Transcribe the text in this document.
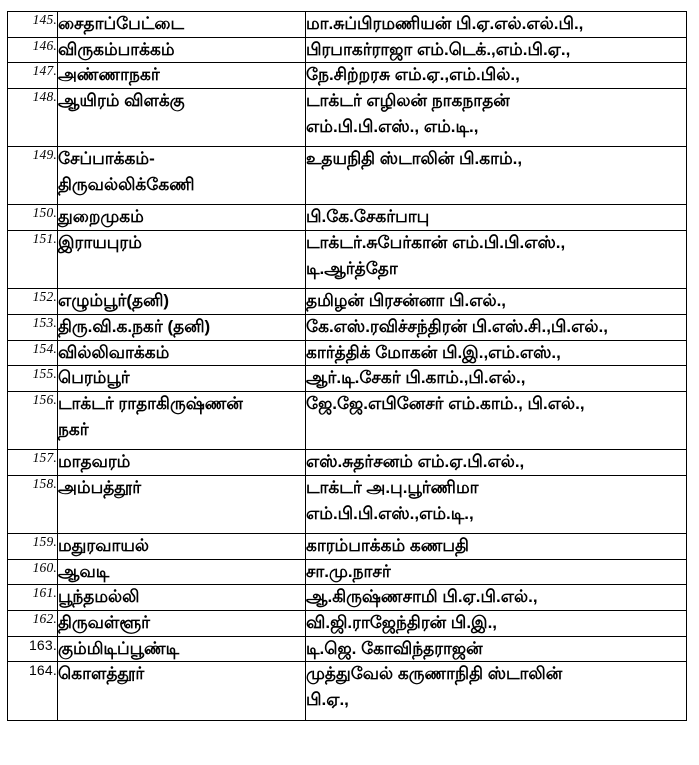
145.	சைதாப்பேட்டை	மா.சுப்பிரமணியன் பி.ஏ.எல்.எல்.பி.,

146.	விருகம்பாக்கம்	பிரபாகர்ராஜா எம்.டெக்.,எம்.பி.ஏ.,

147.	அண்ணாநகர்	நே.சிற்றரசு எம்.ஏ.,எம்.பில்.,

148.	ஆயிரம் விளக்கு	டாக்டர் எழிலன் நாகநாதன்
எம்.பி.பி.எஸ்., எம்.டி.,

149.	சேப்பாக்கம்-
திருவல்லிக்கேணி	உதயநிதி ஸ்டாலின் பி.காம்.,

150.	துறைமுகம்	பி.கே.சேகர்பாபு

151.	இராயபுரம்	டாக்டர்.சுபேர்கான் எம்.பி.பி.எஸ்.,
டி.ஆர்த்தோ

152.	எழும்பூர்(தனி)	தமிழன் பிரசன்னா பி.எல்.,

153.	திரு.வி.க.நகர் (தனி)	கே.எஸ்.ரவிச்சந்திரன் பி.எஸ்.சி.,பி.எல்.,

154.	வில்லிவாக்கம்	கார்த்திக் மோகன் பி.இ.,எம்.எஸ்.,

155.	பெரம்பூர்	ஆர்.டி.சேகர் பி.காம்.,பி.எல்.,

156.	டாக்டர் ராதாகிருஷ்ணன்
நகர்	ஜே.ஜே.எபினேசர் எம்.காம்., பி.எல்.,

157.	மாதவரம்	எஸ்.சுதர்சனம் எம்.ஏ.பி.எல்.,

158.	அம்பத்தூர்	டாக்டர் அ.பு.பூர்ணிமா
எம்.பி.பி.எஸ்.,எம்.டி.,

159.	மதுரவாயல்	காரம்பாக்கம் கணபதி

160.	ஆவடி	சா.மு.நாசர்

161.	பூந்தமல்லி	ஆ.கிருஷ்ணசாமி பி.ஏ.பி.எல்.,

162.	திருவள்ளூர்	வி.ஜி.ராஜேந்திரன் பி.இ.,

163.	கும்மிடிப்பூண்டி	டி.ஜெ. கோவிந்தராஜன்

164.	கொளத்தூர்	முத்துவேல் கருணாநிதி ஸ்டாலின்
பி.ஏ.,
